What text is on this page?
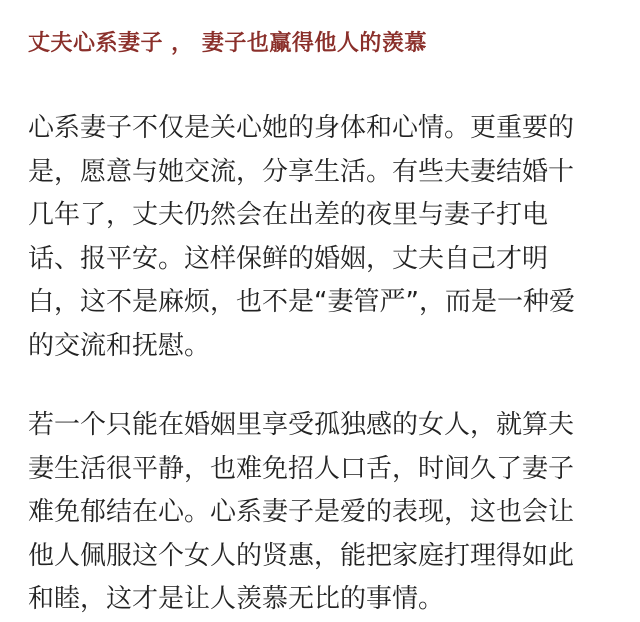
丈夫心系妻子 ， 妻子也赢得他人的羡慕

心系妻子不仅是关心她的身体和心情。更重要的
是，愿意与她交流，分享生活。有些夫妻结婚十
几年了，丈夫仍然会在出差的夜里与妻子打电
话、报平安。这样保鲜的婚姻，丈夫自己才明
白，这不是麻烦，也不是“妻管严”，而是一种爱
的交流和抚慰。

若一个只能在婚姻里享受孤独感的女人，就算夫
妻生活很平静，也难免招人口舌，时间久了妻子
难免郁结在心。心系妻子是爱的表现，这也会让
他人佩服这个女人的贤惠，能把家庭打理得如此
和睦，这才是让人羡慕无比的事情。
